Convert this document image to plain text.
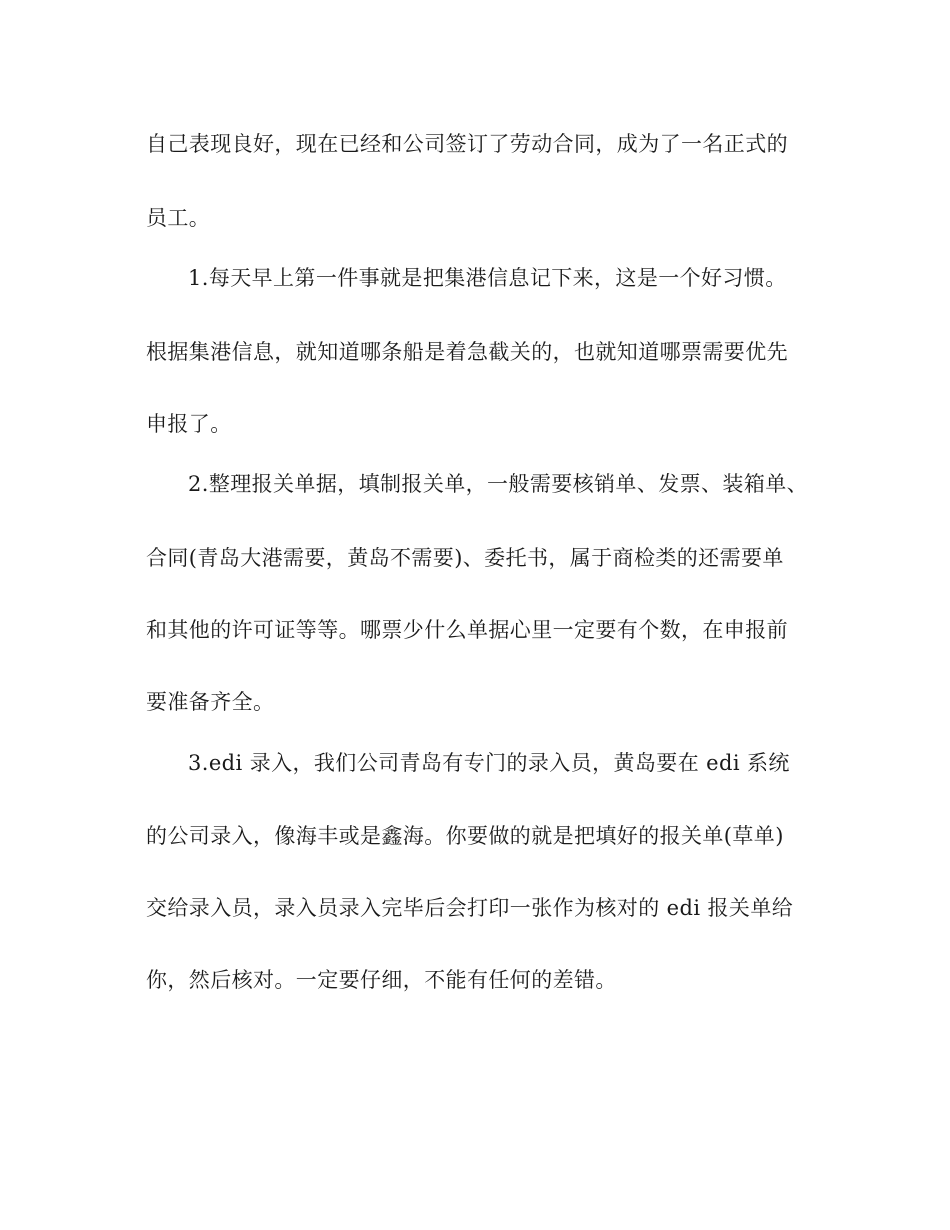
自己表现良好，现在已经和公司签订了劳动合同，成为了一名正式的
员工。
1.每天早上第一件事就是把集港信息记下来，这是一个好习惯。
根据集港信息，就知道哪条船是着急截关的，也就知道哪票需要优先
申报了。
2.整理报关单据，填制报关单，一般需要核销单、发票、装箱单、
合同(青岛大港需要，黄岛不需要)、委托书，属于商检类的还需要单
和其他的许可证等等。哪票少什么单据心里一定要有个数，在申报前
要准备齐全。
3.edi 录入，我们公司青岛有专门的录入员，黄岛要在 edi 系统
的公司录入，像海丰或是鑫海。你要做的就是把填好的报关单(草单)
交给录入员，录入员录入完毕后会打印一张作为核对的 edi 报关单给
你，然后核对。一定要仔细，不能有任何的差错。
